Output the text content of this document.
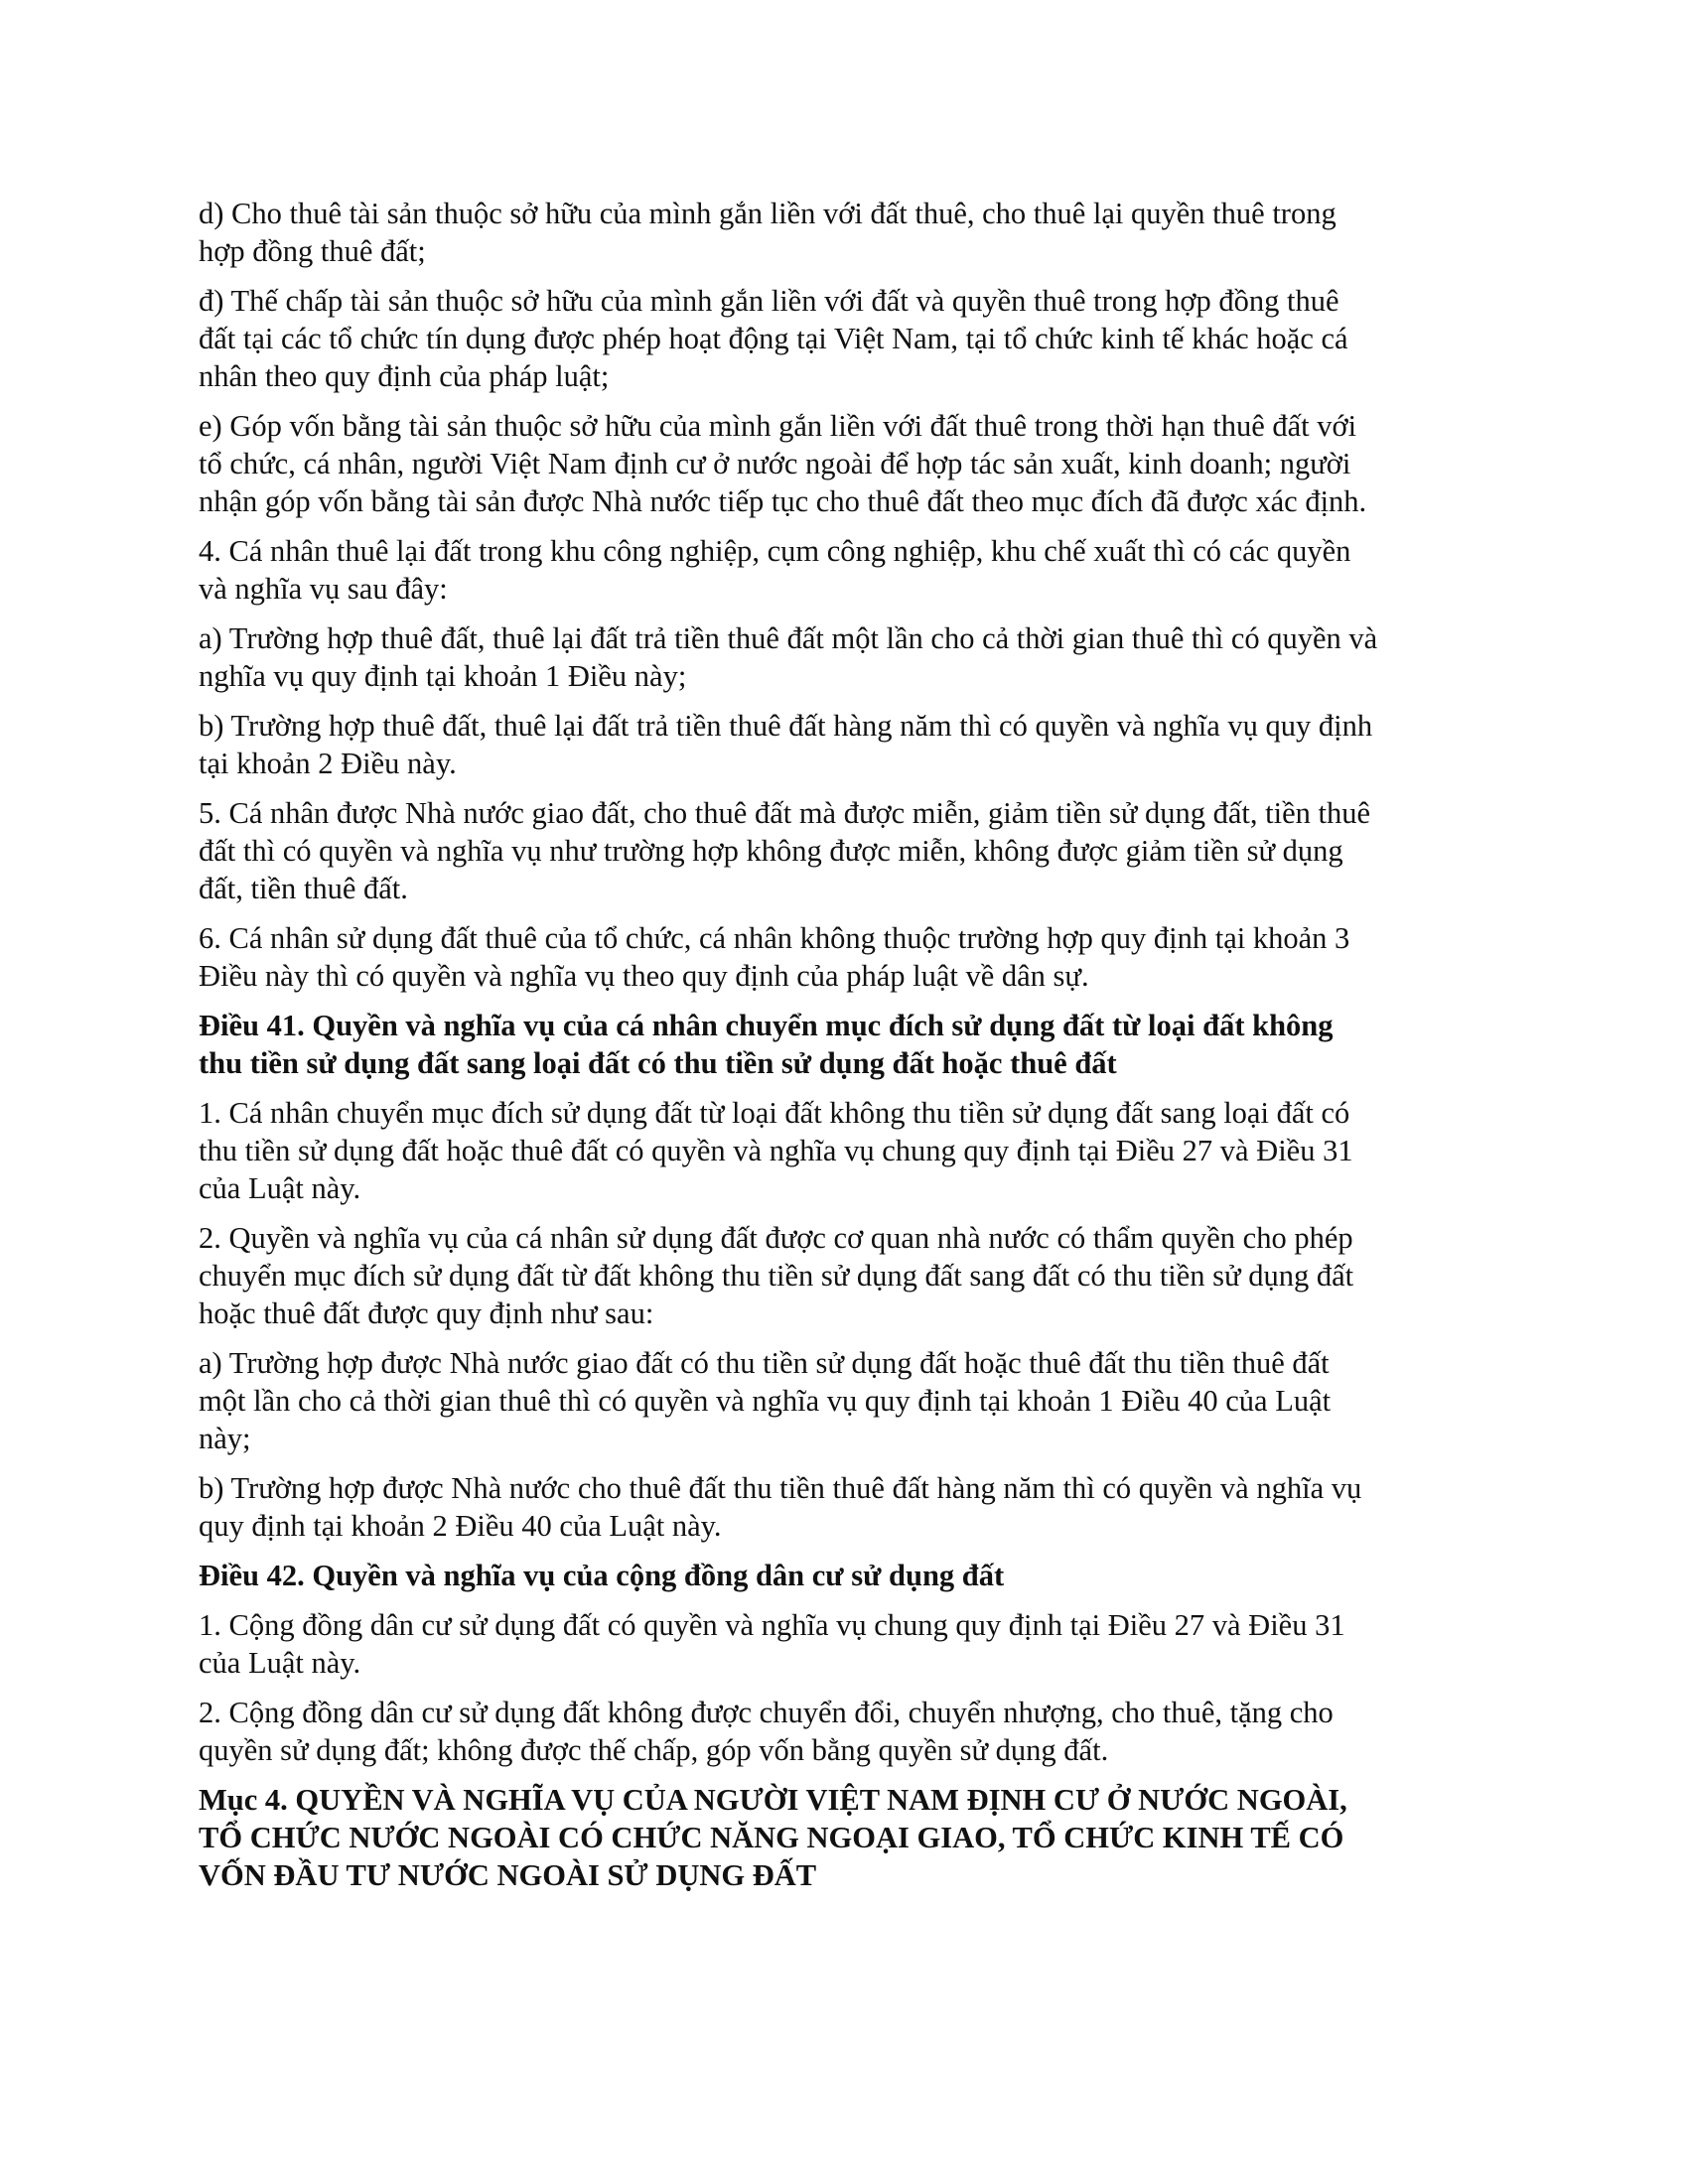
d) Cho thuê tài sản thuộc sở hữu của mình gắn liền với đất thuê, cho thuê lại quyền thuê trong
hợp đồng thuê đất;
đ) Thế chấp tài sản thuộc sở hữu của mình gắn liền với đất và quyền thuê trong hợp đồng thuê
đất tại các tổ chức tín dụng được phép hoạt động tại Việt Nam, tại tổ chức kinh tế khác hoặc cá
nhân theo quy định của pháp luật;
e) Góp vốn bằng tài sản thuộc sở hữu của mình gắn liền với đất thuê trong thời hạn thuê đất với
tổ chức, cá nhân, người Việt Nam định cư ở nước ngoài để hợp tác sản xuất, kinh doanh; người
nhận góp vốn bằng tài sản được Nhà nước tiếp tục cho thuê đất theo mục đích đã được xác định.
4. Cá nhân thuê lại đất trong khu công nghiệp, cụm công nghiệp, khu chế xuất thì có các quyền
và nghĩa vụ sau đây:
a) Trường hợp thuê đất, thuê lại đất trả tiền thuê đất một lần cho cả thời gian thuê thì có quyền và
nghĩa vụ quy định tại khoản 1 Điều này;
b) Trường hợp thuê đất, thuê lại đất trả tiền thuê đất hàng năm thì có quyền và nghĩa vụ quy định
tại khoản 2 Điều này.
5. Cá nhân được Nhà nước giao đất, cho thuê đất mà được miễn, giảm tiền sử dụng đất, tiền thuê
đất thì có quyền và nghĩa vụ như trường hợp không được miễn, không được giảm tiền sử dụng
đất, tiền thuê đất.
6. Cá nhân sử dụng đất thuê của tổ chức, cá nhân không thuộc trường hợp quy định tại khoản 3
Điều này thì có quyền và nghĩa vụ theo quy định của pháp luật về dân sự.
Điều 41. Quyền và nghĩa vụ của cá nhân chuyển mục đích sử dụng đất từ loại đất không
thu tiền sử dụng đất sang loại đất có thu tiền sử dụng đất hoặc thuê đất
1. Cá nhân chuyển mục đích sử dụng đất từ loại đất không thu tiền sử dụng đất sang loại đất có
thu tiền sử dụng đất hoặc thuê đất có quyền và nghĩa vụ chung quy định tại Điều 27 và Điều 31
của Luật này.
2. Quyền và nghĩa vụ của cá nhân sử dụng đất được cơ quan nhà nước có thẩm quyền cho phép
chuyển mục đích sử dụng đất từ đất không thu tiền sử dụng đất sang đất có thu tiền sử dụng đất
hoặc thuê đất được quy định như sau:
a) Trường hợp được Nhà nước giao đất có thu tiền sử dụng đất hoặc thuê đất thu tiền thuê đất
một lần cho cả thời gian thuê thì có quyền và nghĩa vụ quy định tại khoản 1 Điều 40 của Luật
này;
b) Trường hợp được Nhà nước cho thuê đất thu tiền thuê đất hàng năm thì có quyền và nghĩa vụ
quy định tại khoản 2 Điều 40 của Luật này.
Điều 42. Quyền và nghĩa vụ của cộng đồng dân cư sử dụng đất
1. Cộng đồng dân cư sử dụng đất có quyền và nghĩa vụ chung quy định tại Điều 27 và Điều 31
của Luật này.
2. Cộng đồng dân cư sử dụng đất không được chuyển đổi, chuyển nhượng, cho thuê, tặng cho
quyền sử dụng đất; không được thế chấp, góp vốn bằng quyền sử dụng đất.
Mục 4. QUYỀN VÀ NGHĨA VỤ CỦA NGƯỜI VIỆT NAM ĐỊNH CƯ Ở NƯỚC NGOÀI,
TỔ CHỨC NƯỚC NGOÀI CÓ CHỨC NĂNG NGOẠI GIAO, TỔ CHỨC KINH TẾ CÓ
VỐN ĐẦU TƯ NƯỚC NGOÀI SỬ DỤNG ĐẤT
